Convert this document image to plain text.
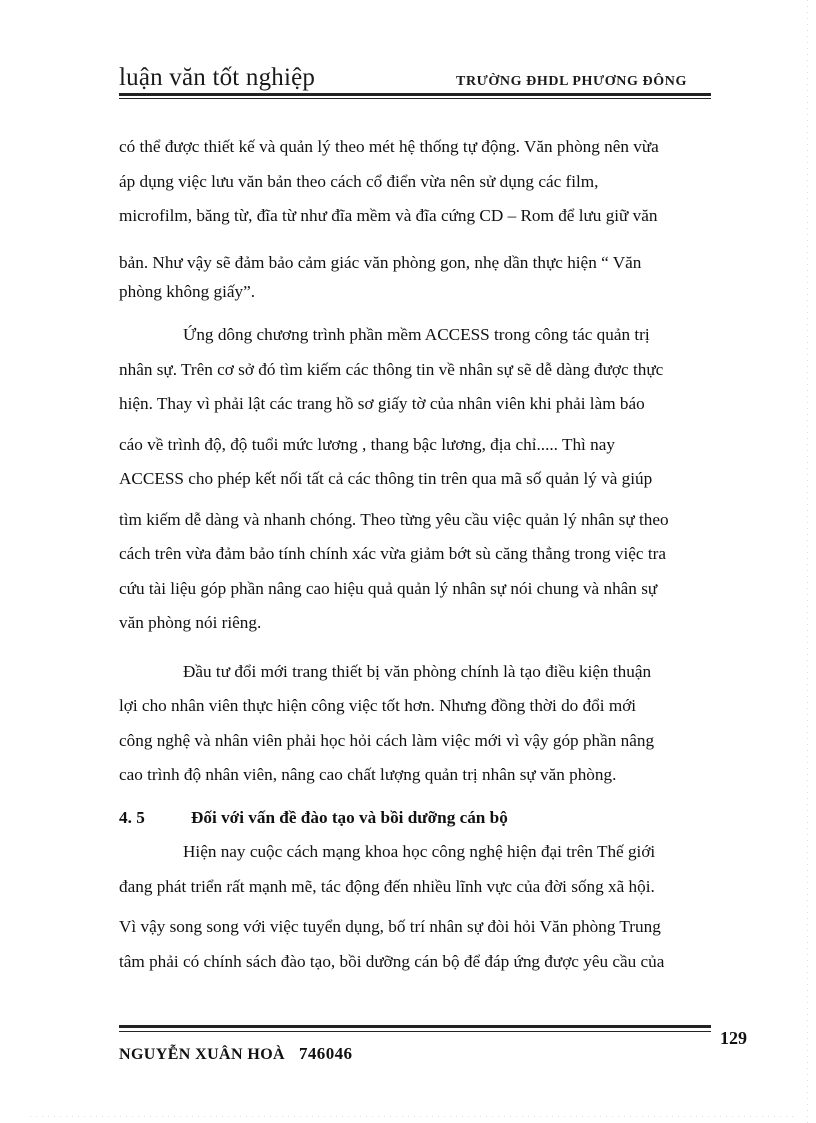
luận văn tốt nghiệp	TRƯỜNG ĐHDL PHƯƠNG ĐÔNG

có thể được thiết kế và quản lý theo mét hệ thống tự động. Văn phòng nên vừa

áp dụng việc lưu văn bản theo cách cổ điển vừa nên sử dụng các film,

microfilm, băng từ, đĩa từ như đĩa mềm và đĩa cứng CD – Rom để lưu giữ văn

bản. Như vậy sẽ đảm bảo cảm giác văn phòng gon, nhẹ dần thực hiện “ Văn

phòng không giấy”.

Ứng dông chương trình phần mềm ACCESS trong công tác quản trị

nhân sự. Trên cơ sở đó tìm kiếm các thông tin về nhân sự sẽ dễ dàng được thực

hiện. Thay vì phải lật các trang hồ sơ giấy tờ của nhân viên khi phải làm báo

cáo về trình độ, độ tuổi mức lương , thang bậc lương, địa chỉ..... Thì nay

ACCESS cho phép kết nối tất cả các thông tin trên qua mã số quản lý và giúp

tìm kiếm dễ dàng và nhanh chóng. Theo từng yêu cầu việc quản lý nhân sự theo

cách trên vừa đảm bảo tính chính xác vừa giảm bớt sù căng thẳng trong việc tra

cứu tài liệu góp phần nâng cao hiệu quả quản lý nhân sự nói chung và nhân sự

văn phòng nói riêng.

Đầu tư đổi mới trang thiết bị văn phòng chính là tạo điều kiện thuận

lợi cho nhân viên thực hiện công việc tốt hơn. Nhưng đồng thời do đổi mới

công nghệ và nhân viên phải học hỏi cách làm việc mới vì vậy góp phần nâng

cao trình độ nhân viên, nâng cao chất lượng quản trị nhân sự văn phòng.

4. 5	Đối với vấn đề đào tạo và bồi dưỡng cán bộ

Hiện nay cuộc cách mạng khoa học công nghệ hiện đại trên Thế giới

đang phát triển rất mạnh mẽ, tác động đến nhiều lĩnh vực của đời sống xã hội.

Vì vậy song song với việc tuyển dụng, bố trí nhân sự đòi hỏi Văn phòng Trung

tâm phải có chính sách đào tạo, bồi dưỡng cán bộ để đáp ứng được yêu cầu của

NGUYỄN XUÂN HOÀ 746046
129
